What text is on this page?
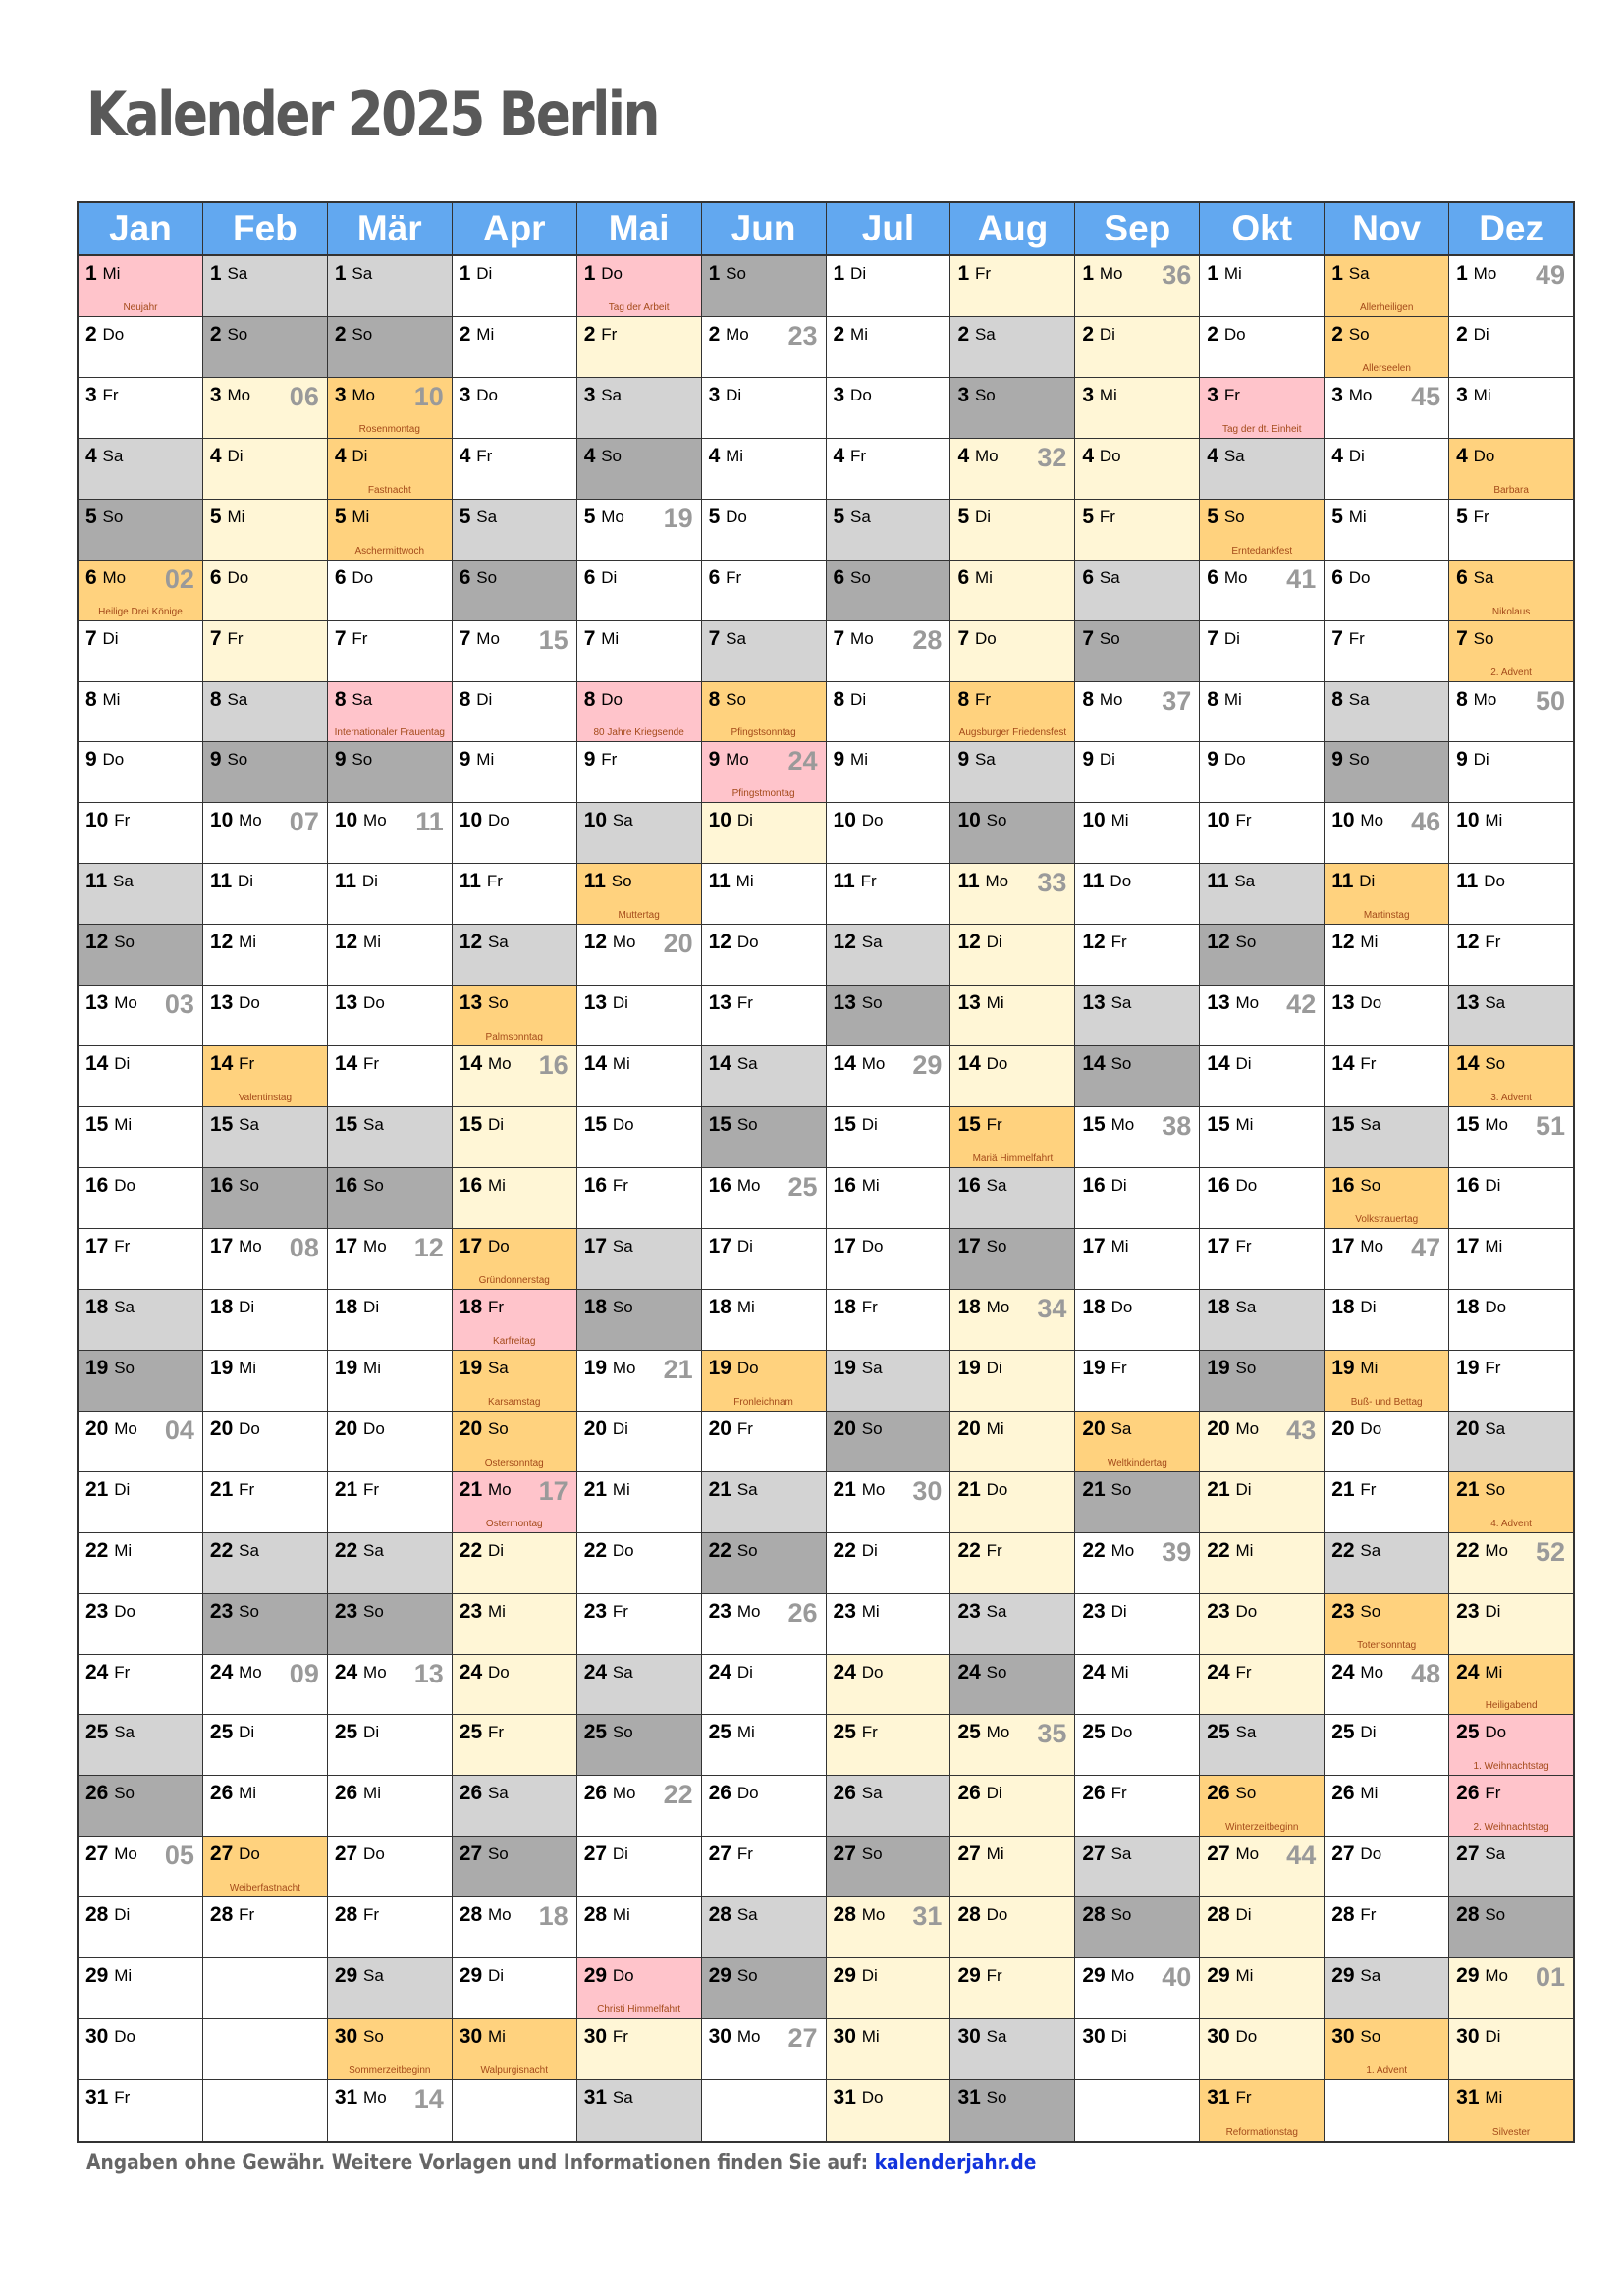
Kalender 2025 Berlin
Jan
1 Mi
Neujahr
2 Do
3 Fr
4 Sa
5 So
6 Mo 02
Heilige Drei Könige
7 Di
8 Mi
9 Do
10 Fr
11 Sa
12 So
13 Mo 03
14 Di
15 Mi
16 Do
17 Fr
18 Sa
19 So
20 Mo 04
21 Di
22 Mi
23 Do
24 Fr
25 Sa
26 So
27 Mo 05
28 Di
29 Mi
30 Do
31 Fr
Feb
1 Sa
2 So
3 Mo 06
4 Di
5 Mi
6 Do
7 Fr
8 Sa
9 So
10 Mo 07
11 Di
12 Mi
13 Do
14 Fr
Valentinstag
15 Sa
16 So
17 Mo 08
18 Di
19 Mi
20 Do
21 Fr
22 Sa
23 So
24 Mo 09
25 Di
26 Mi
27 Do
Weiberfastnacht
28 Fr
Mär
1 Sa
2 So
3 Mo 10
Rosenmontag
4 Di
Fastnacht
5 Mi
Aschermittwoch
6 Do
7 Fr
8 Sa
Internationaler Frauentag
9 So
10 Mo 11
11 Di
12 Mi
13 Do
14 Fr
15 Sa
16 So
17 Mo 12
18 Di
19 Mi
20 Do
21 Fr
22 Sa
23 So
24 Mo 13
25 Di
26 Mi
27 Do
28 Fr
29 Sa
30 So
Sommerzeitbeginn
31 Mo 14
Apr
1 Di
2 Mi
3 Do
4 Fr
5 Sa
6 So
7 Mo 15
8 Di
9 Mi
10 Do
11 Fr
12 Sa
13 So
Palmsonntag
14 Mo 16
15 Di
16 Mi
17 Do
Gründonnerstag
18 Fr
Karfreitag
19 Sa
Karsamstag
20 So
Ostersonntag
21 Mo 17
Ostermontag
22 Di
23 Mi
24 Do
25 Fr
26 Sa
27 So
28 Mo 18
29 Di
30 Mi
Walpurgisnacht
Mai
1 Do
Tag der Arbeit
2 Fr
3 Sa
4 So
5 Mo 19
6 Di
7 Mi
8 Do
80 Jahre Kriegsende
9 Fr
10 Sa
11 So
Muttertag
12 Mo 20
13 Di
14 Mi
15 Do
16 Fr
17 Sa
18 So
19 Mo 21
20 Di
21 Mi
22 Do
23 Fr
24 Sa
25 So
26 Mo 22
27 Di
28 Mi
29 Do
Christi Himmelfahrt
30 Fr
31 Sa
Jun
1 So
2 Mo 23
3 Di
4 Mi
5 Do
6 Fr
7 Sa
8 So
Pfingstsonntag
9 Mo 24
Pfingstmontag
10 Di
11 Mi
12 Do
13 Fr
14 Sa
15 So
16 Mo 25
17 Di
18 Mi
19 Do
Fronleichnam
20 Fr
21 Sa
22 So
23 Mo 26
24 Di
25 Mi
26 Do
27 Fr
28 Sa
29 So
30 Mo 27
Jul
1 Di
2 Mi
3 Do
4 Fr
5 Sa
6 So
7 Mo 28
8 Di
9 Mi
10 Do
11 Fr
12 Sa
13 So
14 Mo 29
15 Di
16 Mi
17 Do
18 Fr
19 Sa
20 So
21 Mo 30
22 Di
23 Mi
24 Do
25 Fr
26 Sa
27 So
28 Mo 31
29 Di
30 Mi
31 Do
Aug
1 Fr
2 Sa
3 So
4 Mo 32
5 Di
6 Mi
7 Do
8 Fr
Augsburger Friedensfest
9 Sa
10 So
11 Mo 33
12 Di
13 Mi
14 Do
15 Fr
Mariä Himmelfahrt
16 Sa
17 So
18 Mo 34
19 Di
20 Mi
21 Do
22 Fr
23 Sa
24 So
25 Mo 35
26 Di
27 Mi
28 Do
29 Fr
30 Sa
31 So
Sep
1 Mo 36
2 Di
3 Mi
4 Do
5 Fr
6 Sa
7 So
8 Mo 37
9 Di
10 Mi
11 Do
12 Fr
13 Sa
14 So
15 Mo 38
16 Di
17 Mi
18 Do
19 Fr
20 Sa
Weltkindertag
21 So
22 Mo 39
23 Di
24 Mi
25 Do
26 Fr
27 Sa
28 So
29 Mo 40
30 Di
Okt
1 Mi
2 Do
3 Fr
Tag der dt. Einheit
4 Sa
5 So
Erntedankfest
6 Mo 41
7 Di
8 Mi
9 Do
10 Fr
11 Sa
12 So
13 Mo 42
14 Di
15 Mi
16 Do
17 Fr
18 Sa
19 So
20 Mo 43
21 Di
22 Mi
23 Do
24 Fr
25 Sa
26 So
Winterzeitbeginn
27 Mo 44
28 Di
29 Mi
30 Do
31 Fr
Reformationstag
Nov
1 Sa
Allerheiligen
2 So
Allerseelen
3 Mo 45
4 Di
5 Mi
6 Do
7 Fr
8 Sa
9 So
10 Mo 46
11 Di
Martinstag
12 Mi
13 Do
14 Fr
15 Sa
16 So
Volkstrauertag
17 Mo 47
18 Di
19 Mi
Buß- und Bettag
20 Do
21 Fr
22 Sa
23 So
Totensonntag
24 Mo 48
25 Di
26 Mi
27 Do
28 Fr
29 Sa
30 So
1. Advent
Dez
1 Mo 49
2 Di
3 Mi
4 Do
Barbara
5 Fr
6 Sa
Nikolaus
7 So
2. Advent
8 Mo 50
9 Di
10 Mi
11 Do
12 Fr
13 Sa
14 So
3. Advent
15 Mo 51
16 Di
17 Mi
18 Do
19 Fr
20 Sa
21 So
4. Advent
22 Mo 52
23 Di
24 Mi
Heiligabend
25 Do
1. Weihnachtstag
26 Fr
2. Weihnachtstag
27 Sa
28 So
29 Mo 01
30 Di
31 Mi
Silvester
Angaben ohne Gewähr. Weitere Vorlagen und Informationen finden Sie auf: kalenderjahr.de
